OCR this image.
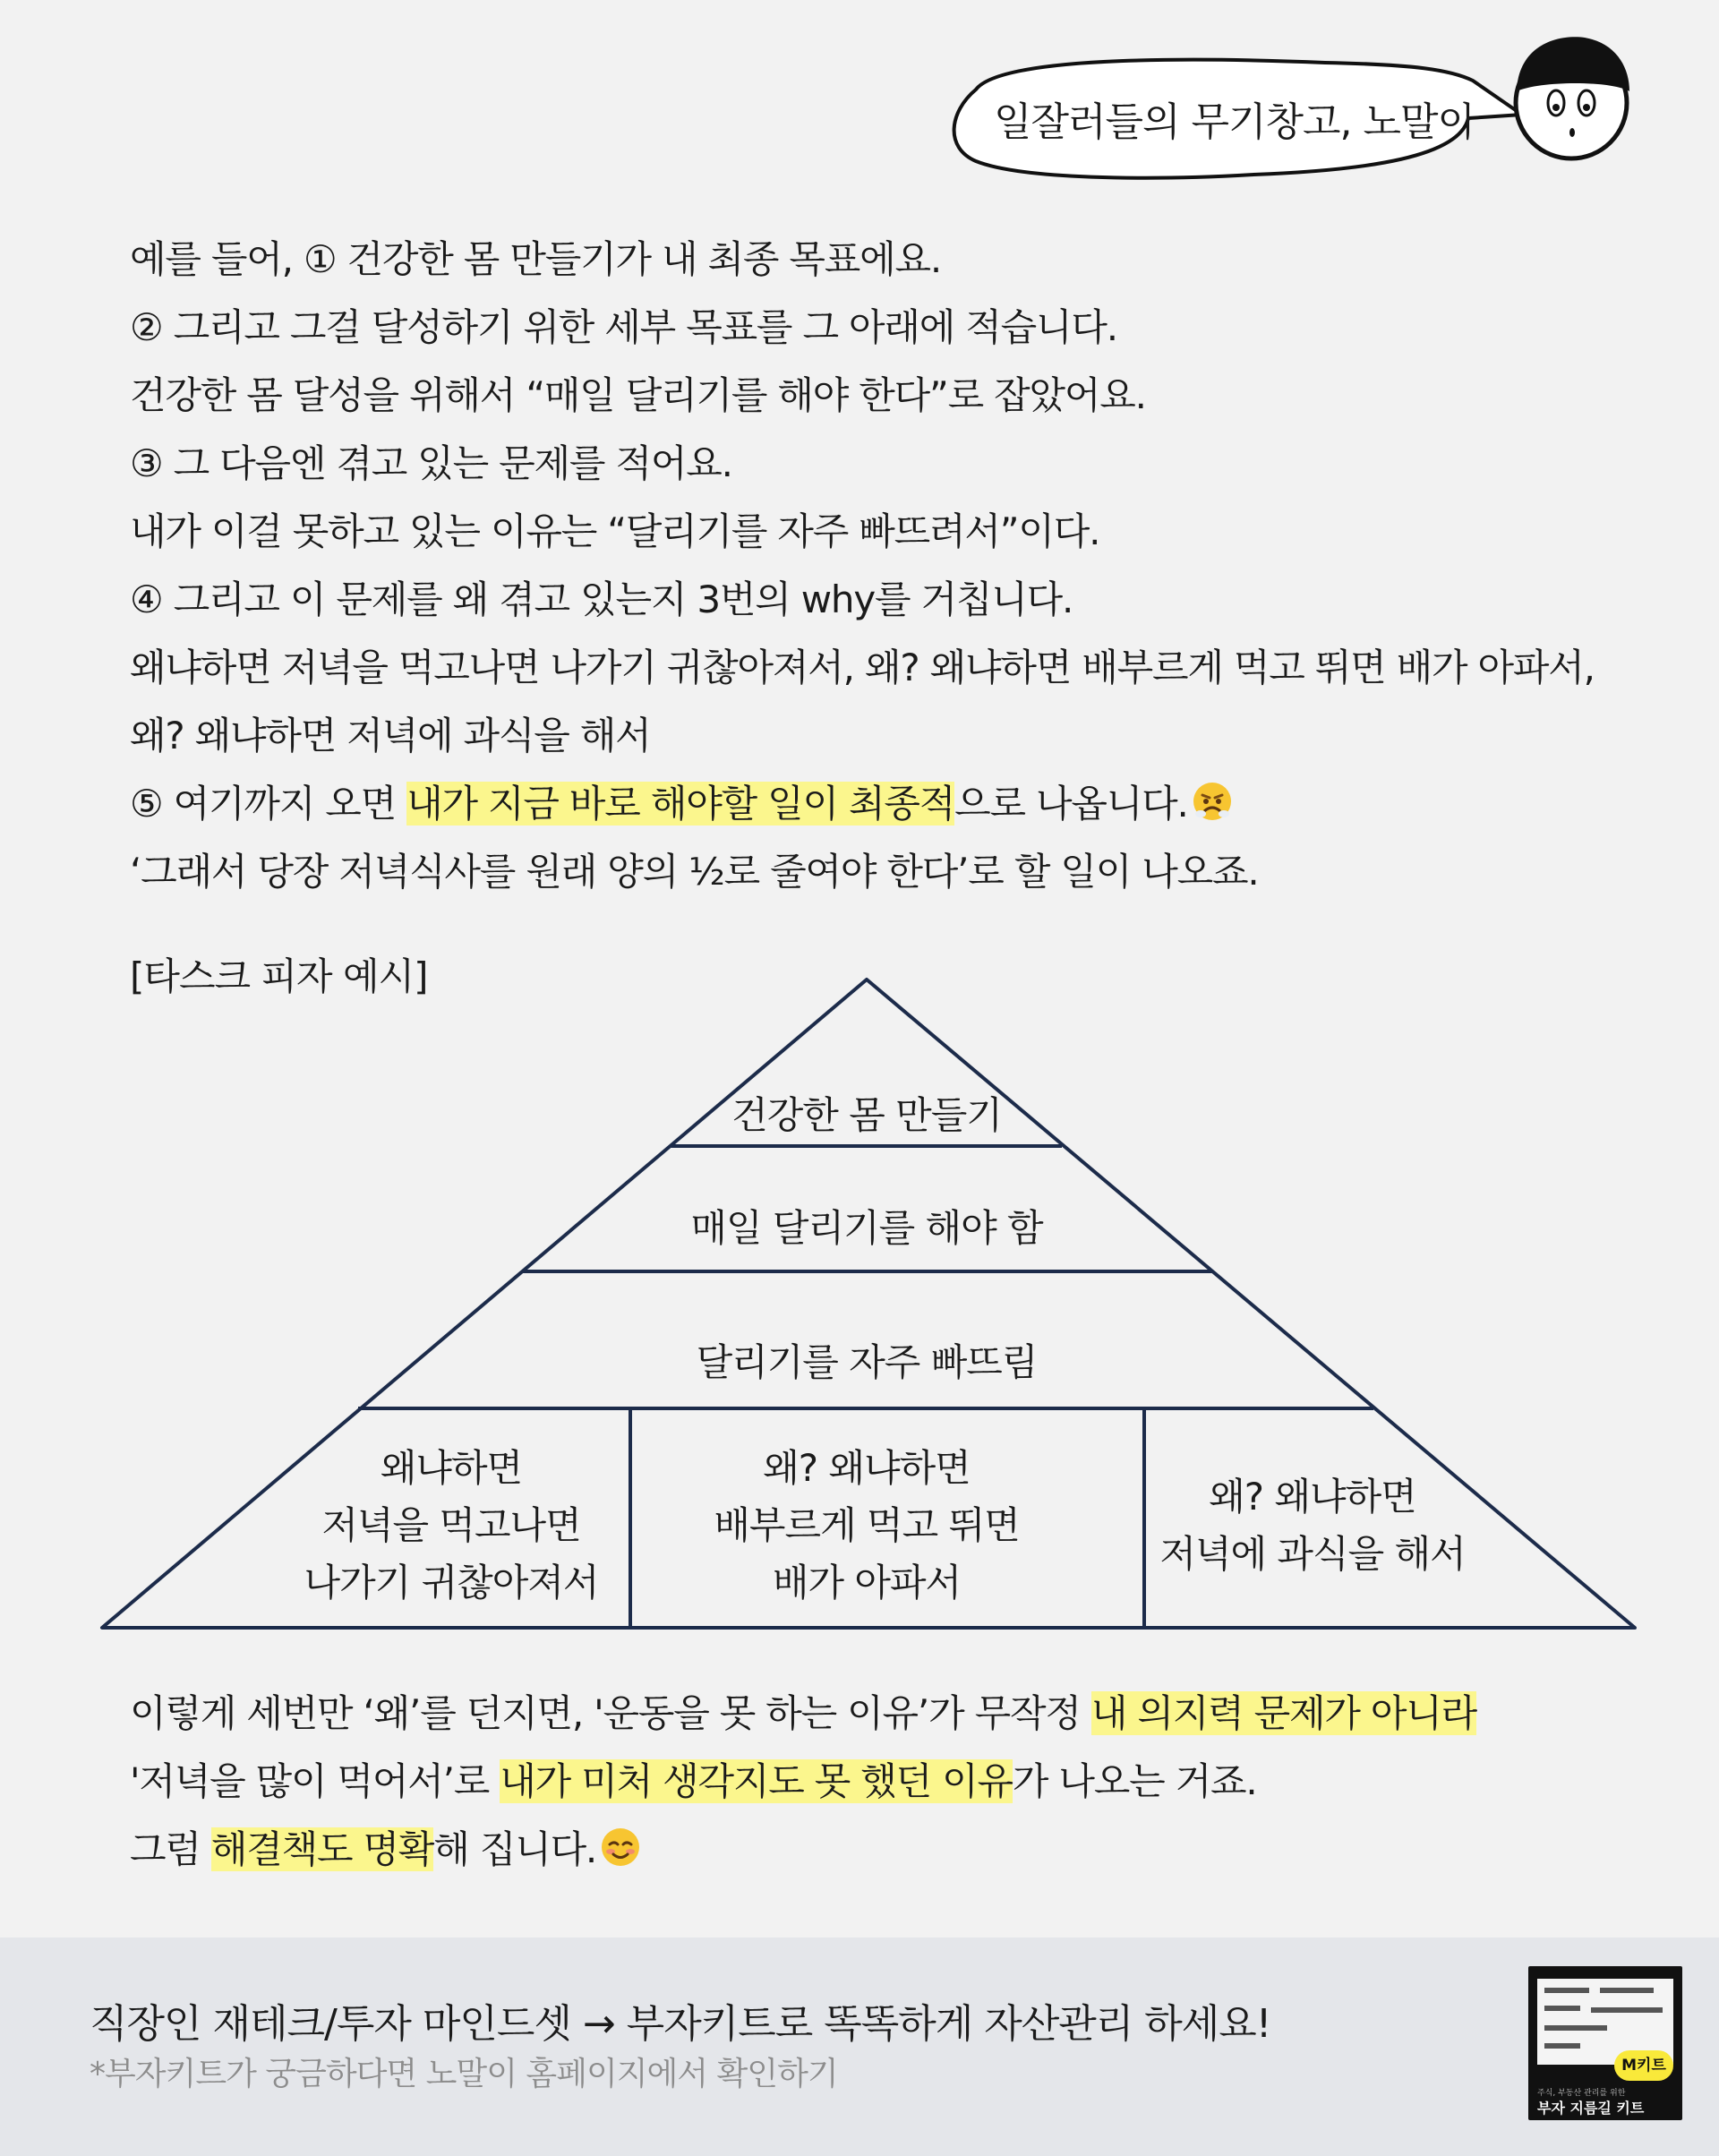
일잘러들의 무기창고, 노말이
예를 들어, ① 건강한 몸 만들기가 내 최종 목표에요.
② 그리고 그걸 달성하기 위한 세부 목표를 그 아래에 적습니다.
건강한 몸 달성을 위해서 “매일 달리기를 해야 한다”로 잡았어요.
③ 그 다음엔 겪고 있는 문제를 적어요.
내가 이걸 못하고 있는 이유는 “달리기를 자주 빠뜨려서”이다.
④ 그리고 이 문제를 왜 겪고 있는지 3번의 why를 거칩니다.
왜냐하면 저녁을 먹고나면 나가기 귀찮아져서, 왜? 왜냐하면 배부르게 먹고 뛰면 배가 아파서,
왜? 왜냐하면 저녁에 과식을 해서
⑤ 여기까지 오면 내가 지금 바로 해야할 일이 최종적으로 나옵니다.
‘그래서 당장 저녁식사를 원래 양의 ½로 줄여야 한다’로 할 일이 나오죠.
[타스크 피자 예시]
건강한 몸 만들기
매일 달리기를 해야 함
달리기를 자주 빠뜨림
왜냐하면
저녁을 먹고나면
나가기 귀찮아져서
왜? 왜냐하면
배부르게 먹고 뛰면
배가 아파서
왜? 왜냐하면
저녁에 과식을 해서
이렇게 세번만 ‘왜’를 던지면, '운동을 못 하는 이유’가 무작정 내 의지력 문제가 아니라
'저녁을 많이 먹어서’로 내가 미처 생각지도 못 했던 이유가 나오는 거죠.
그럼 해결책도 명확해 집니다.
직장인 재테크/투자 마인드셋 → 부자키트로 똑똑하게 자산관리 하세요!
*부자키트가 궁금하다면 노말이 홈페이지에서 확인하기	M키트
주식, 부동산 관리를 위한
부자 지름길 키트
